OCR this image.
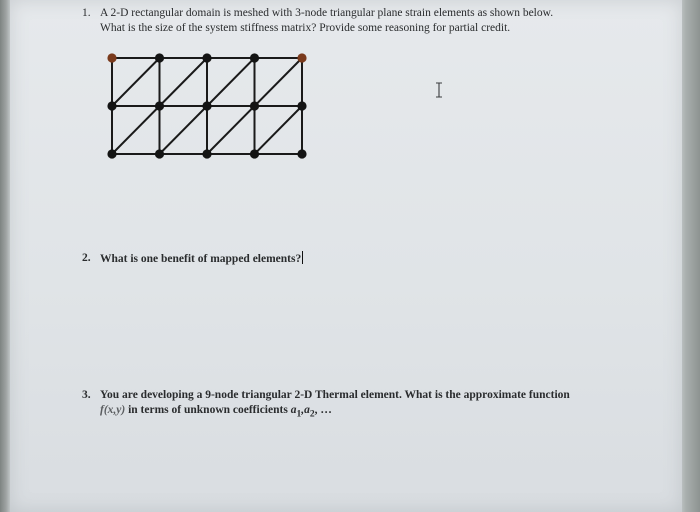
1. A 2-D rectangular domain is meshed with 3-node triangular plane strain elements as shown below.
What is the size of the system stiffness matrix? Provide some reasoning for partial credit.
2. What is one benefit of mapped elements?
3. You are developing a 9-node triangular 2-D Thermal element. What is the approximate function
f(x,y) in terms of unknown coefficients $a_1,a_2$, …
